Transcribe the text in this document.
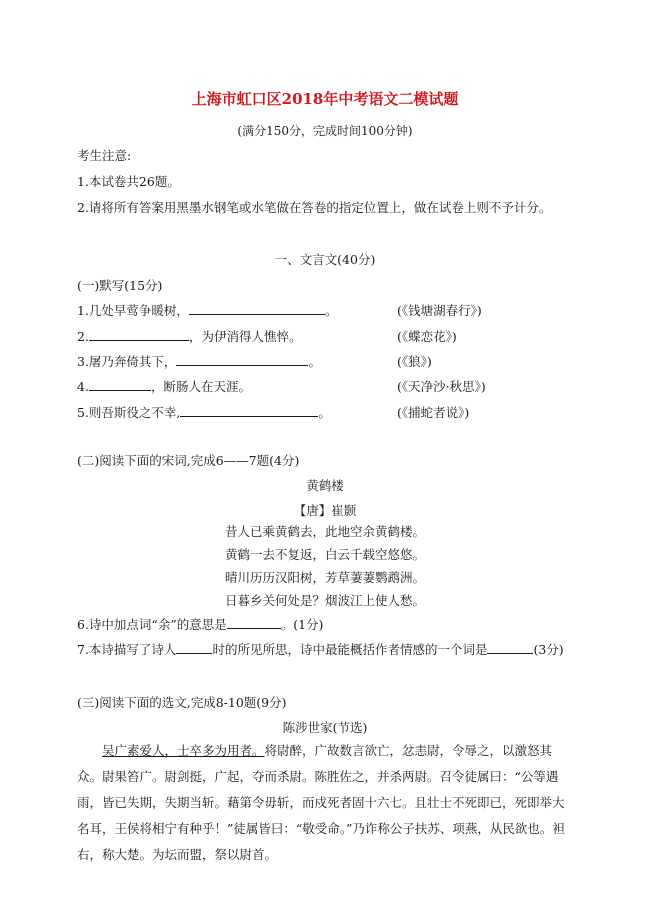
上海市虹口区2018年中考语文二模试题
(满分150分，完成时间100分钟)
考生注意:
1.本试卷共26题。
2.请将所有答案用黑墨水钢笔或水笔做在答卷的指定位置上，做在试卷上则不予计分。
一、文言文(40分)
(一)默写(15分)
1.几处早莺争暖树，	。	(《钱塘湖春行》)
2.	，为伊消得人憔悴。	(《蝶恋花》)
3.屠乃奔倚其下，	。	(《狼》)
4.	，断肠人在天涯。	(《天净沙·秋思》)
5.则吾斯役之不幸,	。	(《捕蛇者说》)
(二)阅读下面的宋词,完成6——7题(4分)
黄鹤楼
【唐】崔颢
昔人已乘黄鹤去，此地空余黄鹤楼。
黄鹤一去不复返，白云千载空悠悠。
晴川历历汉阳树，芳草萋萋鹦鹉洲。
日暮乡关何处是？烟波江上使人愁。
6.诗中加点词“余”的意思是	。(1分)
7.本诗描写了诗人	时的所见所思，诗中最能概括作者情感的一个词是	(3分)
(三)阅读下面的选文,完成8-10题(9分)
陈涉世家(节选)
吴广素爱人，士卒多为用者。将尉醉，广故数言欲亡，忿恚尉，令辱之，以激怒其众。尉果笞广。尉剑挺，广起，夺而杀尉。陈胜佐之，并杀两尉。召令徒属曰：“公等遇雨，皆已失期，失期当斩。藉第令毋斩，而戍死者固十六七。且壮士不死即已，死即举大名耳，王侯将相宁有种乎！”徒属皆曰：“敬受命。”乃诈称公子扶苏、项燕，从民欲也。袒右，称大楚。为坛而盟，祭以尉首。
